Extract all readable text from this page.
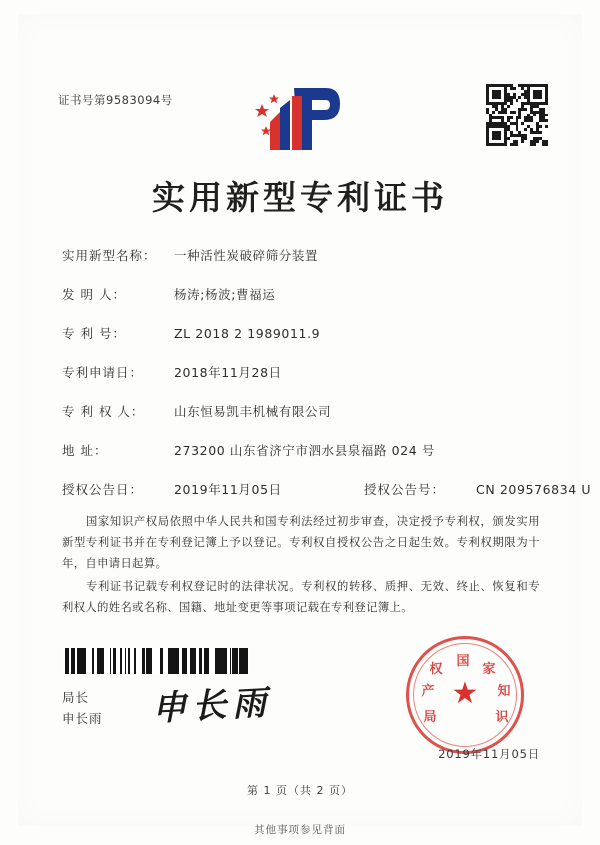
证书号第9583094号
实用新型专利证书
实用新型名称：	一种活性炭破碎筛分装置
发 明 人：	杨涛;杨波;曹福运
专 利 号：	ZL 2018 2 1989011.9
专利申请日：	2018年11月28日
专 利 权 人：	山东恒易凯丰机械有限公司
地 址：	273200 山东省济宁市泗水县泉福路 024 号
授权公告日：	2019年11月05日	授权公告号：	CN 209576834 U

国家知识产权局依照中华人民共和国专利法经过初步审查，决定授予专利权，颁发实用新型专利证书并在专利登记簿上予以登记。专利权自授权公告之日起生效。专利权期限为十年，自申请日起算。

专利证书记载专利权登记时的法律状况。专利权的转移、质押、无效、终止、恢复和专利权人的姓名或名称、国籍、地址变更等事项记载在专利登记簿上。

局长
申长雨 申长雨	★
国
家
知
识
产
权
局
2019年11月05日
第 1 页（共 2 页）
其他事项参见背面
